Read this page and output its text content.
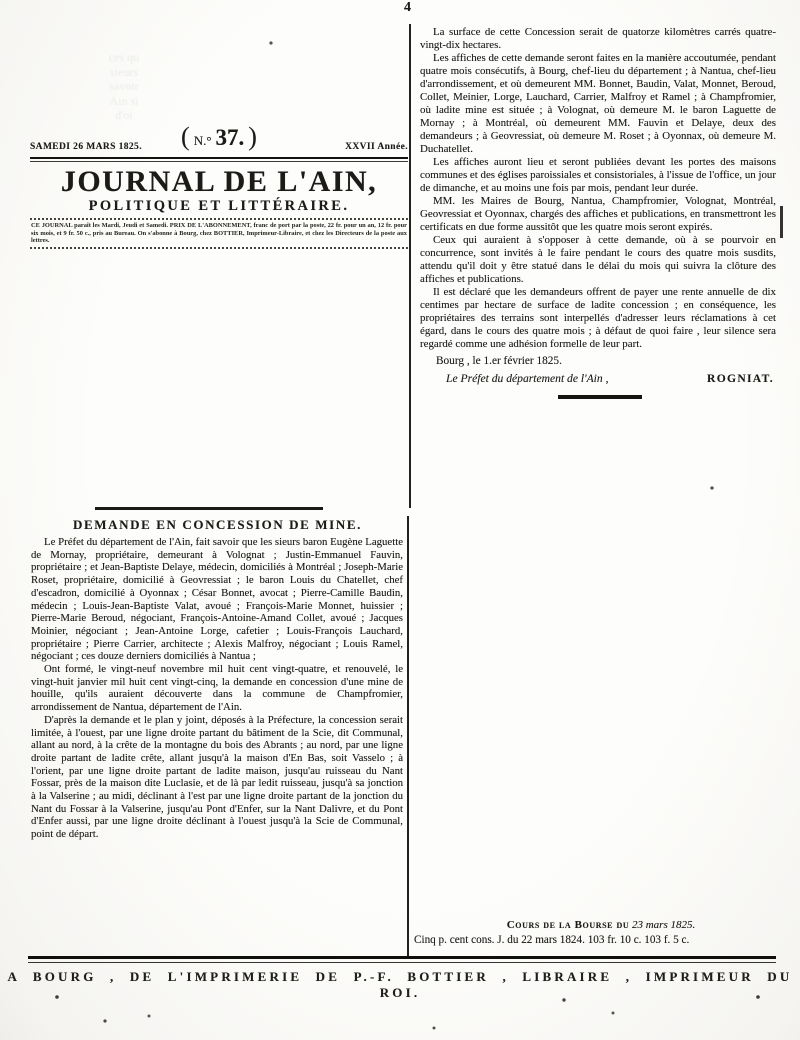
ces qu
sieurs
savoir
Ain si
d'oi
4
SAMEDI 26 MARS 1825.	( N.° 37. )	XXVII Année.
JOURNAL DE L'AIN,
POLITIQUE ET LITTÉRAIRE.
CE JOURNAL paraît les Mardi, Jeudi et Samedi. PRIX DE L'ABONNEMENT, franc de port par la poste, 22 fr. pour un an, 12 fr. pour six mois, et 9 fr. 50 c., pris au Bureau. On s'abonne à Bourg, chez BOTTIER, Imprimeur-Libraire, et chez les Directeurs de la poste aux lettres.
DEMANDE EN CONCESSION DE MINE.

Le Préfet du département de l'Ain, fait savoir que les sieurs baron Eugène Laguette de Mornay, propriétaire, demeurant à Volognat ; Justin-Emmanuel Fauvin, propriétaire ; et Jean-Baptiste Delaye, médecin, domiciliés à Montréal ; Joseph-Marie Roset, propriétaire, domicilié à Geovressiat ; le baron Louis du Chatellet, chef d'escadron, domicilié à Oyonnax ; César Bonnet, avocat ; Pierre-Camille Baudin, médecin ; Louis-Jean-Baptiste Valat, avoué ; François-Marie Monnet, huissier ; Pierre-Marie Beroud, négociant, François-Antoine-Amand Collet, avoué ; Jacques Moinier, négociant ; Jean-Antoine Lorge, cafetier ; Louis-François Lauchard, propriétaire ; Pierre Carrier, architecte ; Alexis Malfroy, négociant ; Louis Ramel, négociant ; ces douze derniers domiciliés à Nantua ;

Ont formé, le vingt-neuf novembre mil huit cent vingt-quatre, et renouvelé, le vingt-huit janvier mil huit cent vingt-cinq, la demande en concession d'une mine de houille, qu'ils auraient découverte dans la commune de Champfromier, arrondissement de Nantua, département de l'Ain.

D'après la demande et le plan y joint, déposés à la Préfecture, la concession serait limitée, à l'ouest, par une ligne droite partant du bâtiment de la Scie, dit Communal, allant au nord, à la crête de la montagne du bois des Abrants ; au nord, par une ligne droite partant de ladite crête, allant jusqu'à la maison d'En Bas, soit Vasselo ; à l'orient, par une ligne droite partant de ladite maison, jusqu'au ruisseau du Nant Fossar, près de la maison dite Luclasie, et de là par ledit ruisseau, jusqu'à sa jonction à la Valserine ; au midi, déclinant à l'est par une ligne droite partant de la jonction du Nant du Fossar à la Valserine, jusqu'au Pont d'Enfer, sur la Nant Dalivre, et du Pont d'Enfer aussi, par une ligne droite déclinant à l'ouest jusqu'à la Scie de Communal, point de départ.

La surface de cette Concession serait de quatorze kilomètres carrés quatre-vingt-dix hectares.

Les affiches de cette demande seront faites en la manière accoutumée, pendant quatre mois consécutifs, à Bourg, chef-lieu du département ; à Nantua, chef-lieu d'arrondissement, et où demeurent MM. Bonnet, Baudin, Valat, Monnet, Beroud, Collet, Meinier, Lorge, Lauchard, Carrier, Malfroy et Ramel ; à Champfromier, où ladite mine est située ; à Volognat, où demeure M. le baron Laguette de Mornay ; à Montréal, où demeurent MM. Fauvin et Delaye, deux des demandeurs ; à Geovressiat, où demeure M. Roset ; à Oyonnax, où demeure M. Duchatellet.

Les affiches auront lieu et seront publiées devant les portes des maisons communes et des églises paroissiales et consistoriales, à l'issue de l'office, un jour de dimanche, et au moins une fois par mois, pendant leur durée.

MM. les Maires de Bourg, Nantua, Champfromier, Volognat, Montréal, Geovressiat et Oyonnax, chargés des affiches et publications, en transmettront les certificats en due forme aussitôt que les quatre mois seront expirés.

Ceux qui auraient à s'opposer à cette demande, où à se pourvoir en concurrence, sont invités à le faire pendant le cours des quatre mois susdits, attendu qu'il doit y être statué dans le délai du mois qui suivra la clôture des affiches et publications.

Il est déclaré que les demandeurs offrent de payer une rente annuelle de dix centimes par hectare de surface de ladite concession ; en conséquence, les propriétaires des terrains sont interpellés d'adresser leurs réclamations à cet égard, dans le cours des quatre mois ; à défaut de quoi faire , leur silence sera regardé comme une adhésion formelle de leur part.

Bourg , le 1.er février 1825.
Le Préfet du département de l'Ain ,	ROGNIAT.
Cours de la Bourse du 23 mars 1825.
Cinq p. cent cons. J. du 22 mars 1824. 103 fr. 10 c. 103 f. 5 c.
A BOURG , DE L'IMPRIMERIE DE P.-F. BOTTIER , LIBRAIRE , IMPRIMEUR DU ROI.
